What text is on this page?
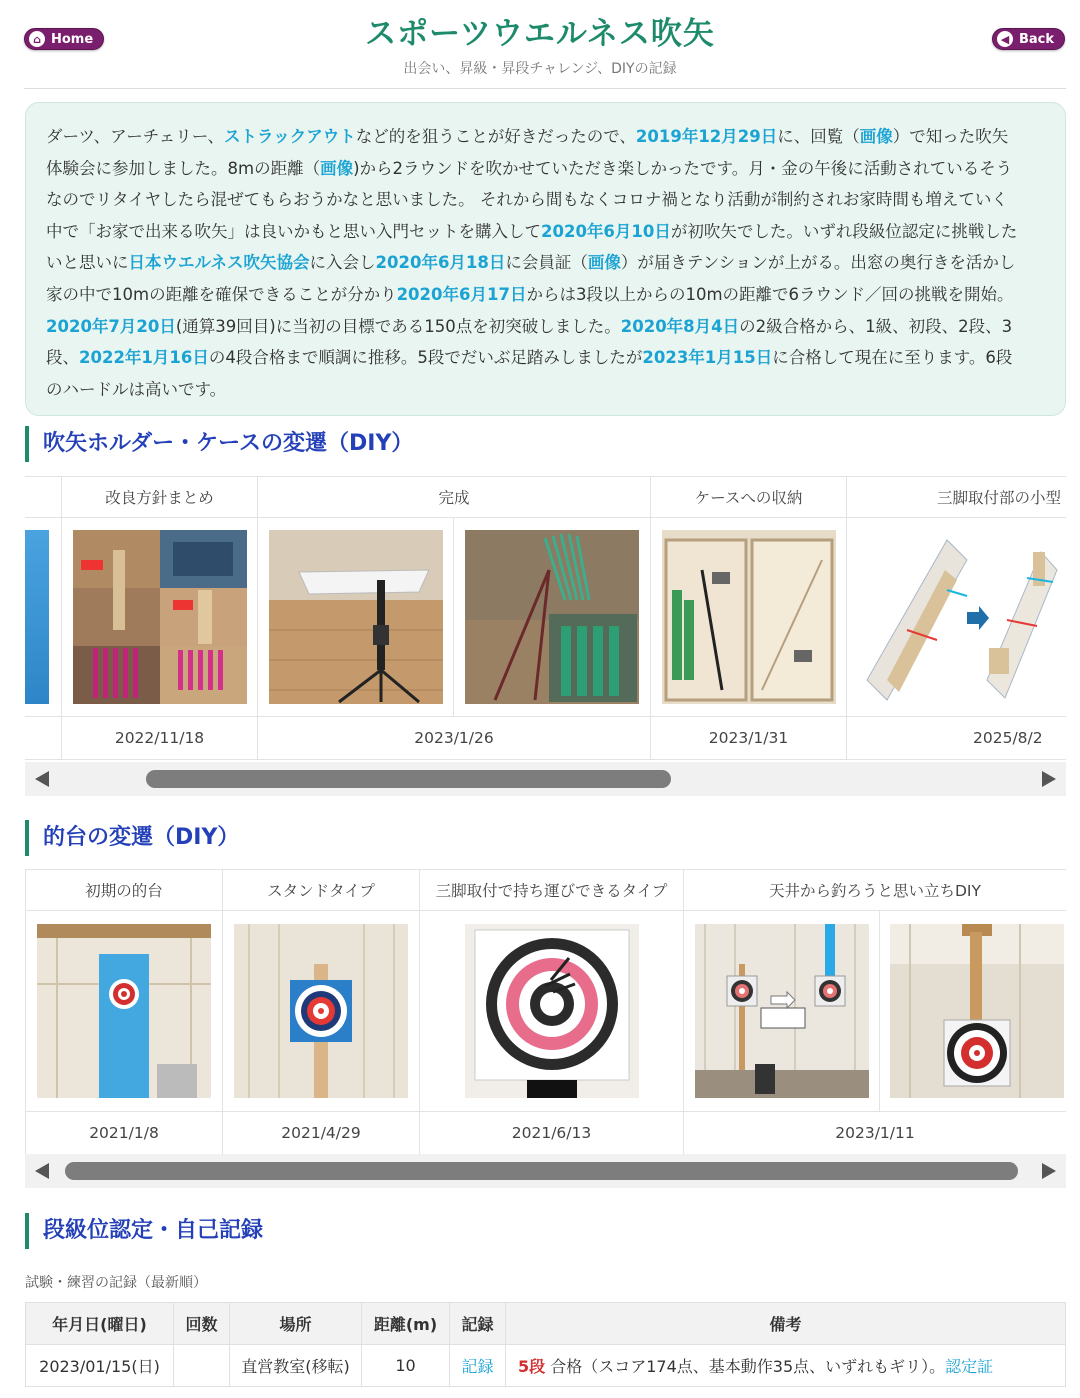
⌂ Home	スポーツウエルネス吹矢
出会い、昇級・昇段チャレンジ、DIYの記録
◀ Back
ダーツ、アーチェリー、ストラックアウトなど的を狙うことが好きだったので、2019年12月29日に、回覧（画像）で知った吹矢
体験会に参加しました。8mの距離（画像)から2ラウンドを吹かせていただき楽しかったです。月・金の午後に活動されているそう
なのでリタイヤしたら混ぜてもらおうかなと思いました。 それから間もなくコロナ禍となり活動が制約されお家時間も増えていく
中で「お家で出来る吹矢」は良いかもと思い入門セットを購入して2020年6月10日が初吹矢でした。いずれ段級位認定に挑戦した
いと思いに日本ウエルネス吹矢協会に入会し2020年6月18日に会員証（画像）が届きテンションが上がる。出窓の奥行きを活かし
家の中で10mの距離を確保できることが分かり2020年6月17日からは3段以上からの10mの距離で6ラウンド／回の挑戦を開始。
2020年7月20日(通算39回目)に当初の目標である150点を初突破しました。2020年8月4日の2級合格から、1級、初段、2段、3
段、2022年1月16日の4段合格まで順調に推移。5段でだいぶ足踏みしましたが2023年1月15日に合格して現在に至ります。6段
のハードルは高いです。
吹矢ホルダー・ケースの変遷（DIY）
改良方針まとめ	完成	ケースへの収納	三脚取付部の小型
2022/11/18	2023/1/26	2023/1/31	2025/8/2
的台の変遷（DIY）
初期の的台	スタンドタイプ	三脚取付で持ち運びできるタイプ	天井から釣ろうと思い立ちDIY
2021/1/8	2021/4/29	2021/6/13	2023/1/11
段級位認定・自己記録
試験・練習の記録（最新順）
年月日(曜日)	回数	場所	距離(m)	記録	備考
2023/01/15(日)		直営教室(移転)	10	記録	5段 合格（スコア174点、基本動作35点、いずれもギリ）。認定証
